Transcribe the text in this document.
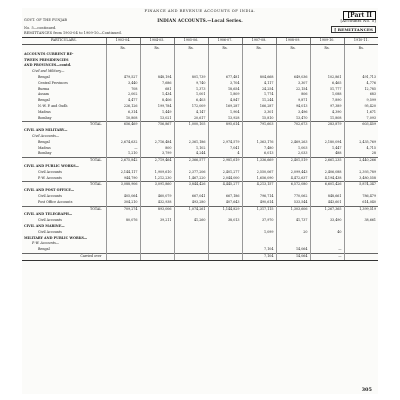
FINANCE AND REVENUE ACCOUNTS OF INDIA.
[Part II
GOVT. OF THE PUNJAB	INDIAN ACCOUNTS.—Local Series.	[Accounts No. 5]
No. 5—continued.	[ REMITTANCES
REMITTANCES from 1903-04 to 1909-10—Continued.
PARTICULARS.	1903-04.	1904-05.	1905-06.	1906-07.	1907-08.	1908-09.	1909-10.	1910-11.
	Rs.	Rs.	Rs.	Rs.	Rs.	Rs.	Rs.	Rs.
ACCOUNTS CURRENT BE-								
TWEEN PRESIDENCIES								
AND PROVINCES—contd.								
Civil and Military—								
Bengal	479,527	848,194	801,739	677,481	804,668	649,036	102,861	491,713
Central Provinces	3,440	7,686	9,740	3,704	4,117	3,307	6,465	4,776
Burma	708	681	1,373	18,654	24,254	22,154	51,777	12,785
Assam	2,002	1,434	1,001	1,809	1,774	806	1,088	683
Bengal	4,477	8,406	6,403	4,847	11,244	9,871	7,890	9,599
N.-W. P. and Oudh	226,126	199,784	172,009	169,287	166,287	94,013	97,389	95,420
Madras	6,314	1,449	4,147	1,904	3,301	3,496	4,390	1,671
Bombay	10,808	13,021	20,617	13,928	15,810	13,470	11,808	7,093
TOTAL	656,469	756,867	1,000,105	895,614	791,603	702,673	283,879	603,459
CIVIL AND MILITARY—								
Civil Accounts—								
Bengal	2,674,632	2,716,484	2,361,186	2,974,579	1,363,176	2,469,263	2,180,094	2,435,769
Madras	—	800	1,102	7,041	7,480	1,003	1,447	4,715
Bombay	1,210	3,799	4,244	4	6,013	2,033	488	28
TOTAL	2,675,842	2,719,464	2,366,577	2,981,619	1,336,669	2,401,519	2,661,235	2,440,266
CIVIL AND PUBLIC WORKS—								
Civil Accounts	2,144,117	1,909,610	2,377,206	2,401,277	2,550,067	2,099,443	2,406,088	2,393,789
P.-W. Accounts	944,790	1,212,230	1,467,220	2,044,000	1,656,090	4,472,637	4,194,438	3,480,558
TOTAL	3,088,906	3,091,860	3,844,426	4,445,277	4,213,157	6,572,080	6,601,426	5,874,347
CIVIL AND POST OFFICE—								
Civil Accounts	405,064	460,079	667,041	667,186	796,714	770,062	848,661	786,479
Post Office Accounts	304,210	432,938	493,280	407,643	490,614	533,544	443,601	614,040
TOTAL	709,274	893,006	1,074,261	1,144,829	1,317,115	1,303,606	1,267,365	1,399,519
CIVIL AND TELEGRAPH—								
Civil Accounts	80,076	39,211	41,260	38,013	37,970	41,737	33,490	38,661
CIVIL AND MARINE—								
Civil Accounts					1,099	20	40	
MILITARY AND PUBLIC WORKS—								
P.-W. Accounts—								
Bengal					7,104	14,064	—	
Carried over					7,104	14,064	—	
305
